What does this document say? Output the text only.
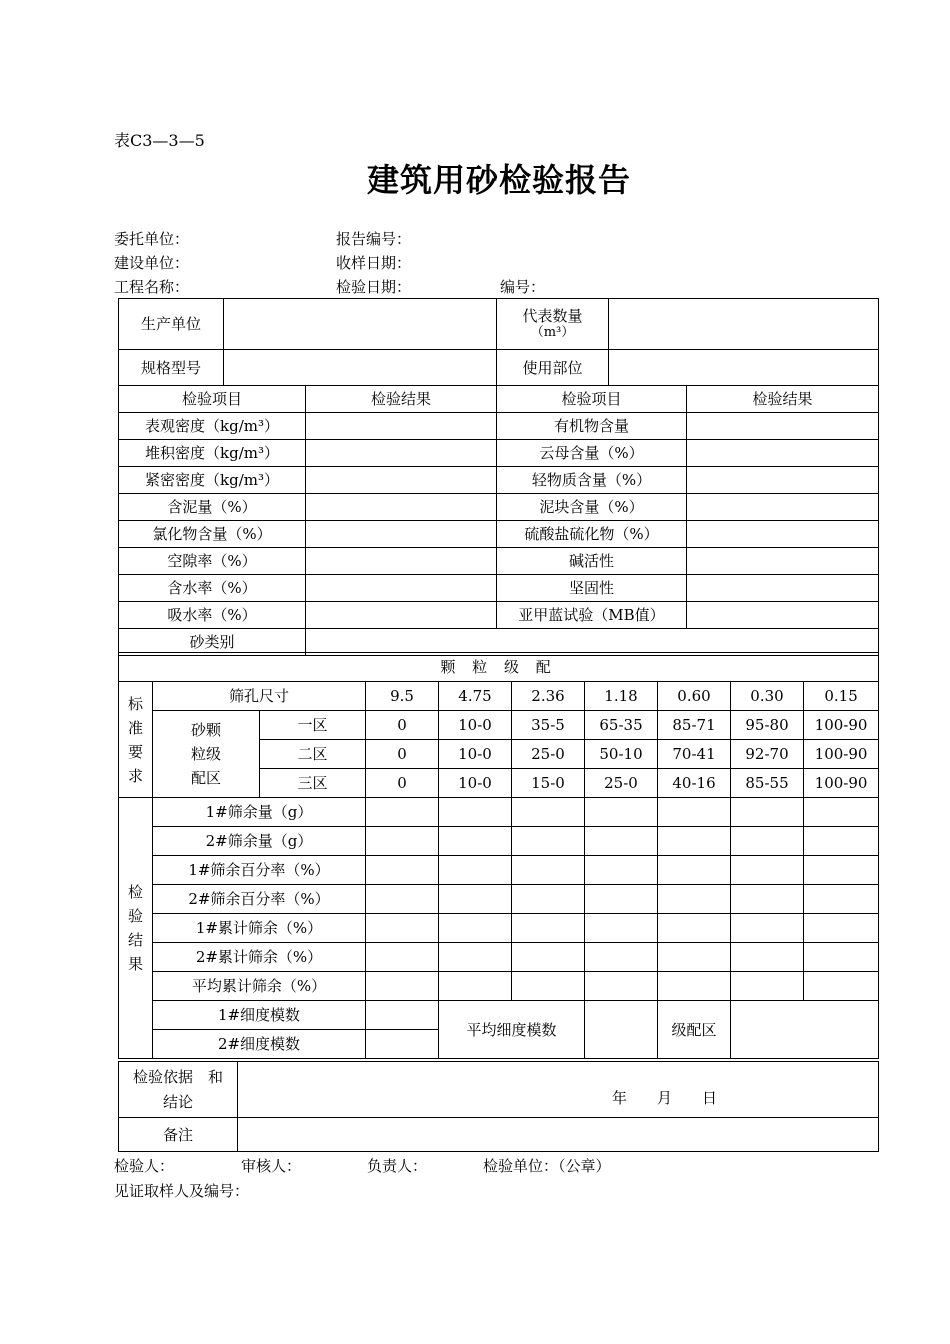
表C3—3—5
建筑用砂检验报告
委托单位：	报告编号：
建设单位：	收样日期：
工程名称：	检验日期：	编号：
生产单位		代表数量
（m³）	

规格型号		使用部位	
检验项目	检验结果	检验项目	检验结果
表观密度（kg/m³）		有机物含量	
堆积密度（kg/m³）		云母含量（%）	
紧密密度（kg/m³）		轻物质含量（%）	
含泥量（%）		泥块含量（%）	
氯化物含量（%）		硫酸盐硫化物（%）	
空隙率（%）		碱活性	
含水率（%）		坚固性	
吸水率（%）		亚甲蓝试验（MB值）	
砂类别			
颗 粒 级 配									

标
准
要
求	筛孔尺寸		9.5	4.75	2.36	1.18	0.60	0.30	0.15

	砂颗
粒级
配区	一区	0	10-0	35-5	65-35	85-71	95-80	100-90
		二区	0	10-0	25-0	50-10	70-41	92-70	100-90
		三区	0	10-0	15-0	25-0	40-16	85-55	100-90

检
验
结
果	1#筛余量（g）								
	2#筛余量（g）								
	1#筛余百分率（%）								
	2#筛余百分率（%）								
	1#累计筛余（%）								
	2#累计筛余（%）								
	平均累计筛余（%）								
	1#细度模数			平均细度模数			级配区		
	2#细度模数								
检验依据　和
结论	年　　月　　日

备注	
检验人：	审核人：	负责人：	检验单位：（公章）
见证取样人及编号：
